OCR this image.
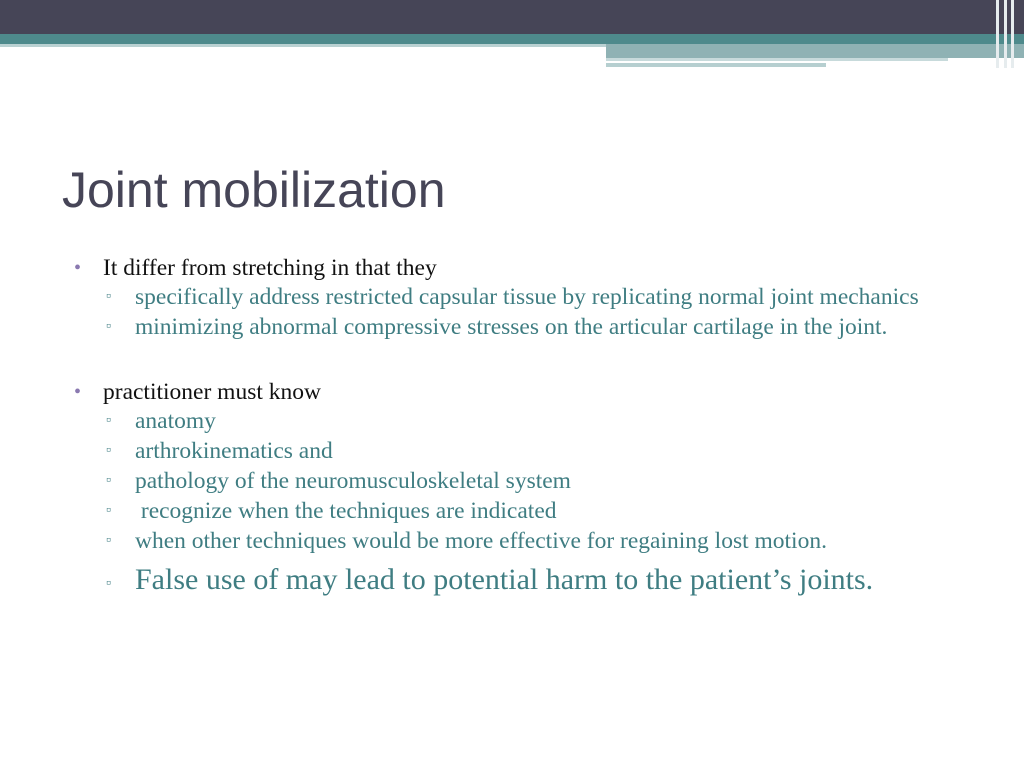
Joint mobilization
• It differ from stretching in that they
▫ specifically address restricted capsular tissue by replicating normal joint mechanics
▫ minimizing abnormal compressive stresses on the articular cartilage in the joint.
• practitioner must know
▫ anatomy
▫ arthrokinematics and
▫ pathology of the neuromusculoskeletal system
▫ recognize when the techniques are indicated
▫ when other techniques would be more effective for regaining lost motion.
▫ False use of may lead to potential harm to the patient’s joints.
